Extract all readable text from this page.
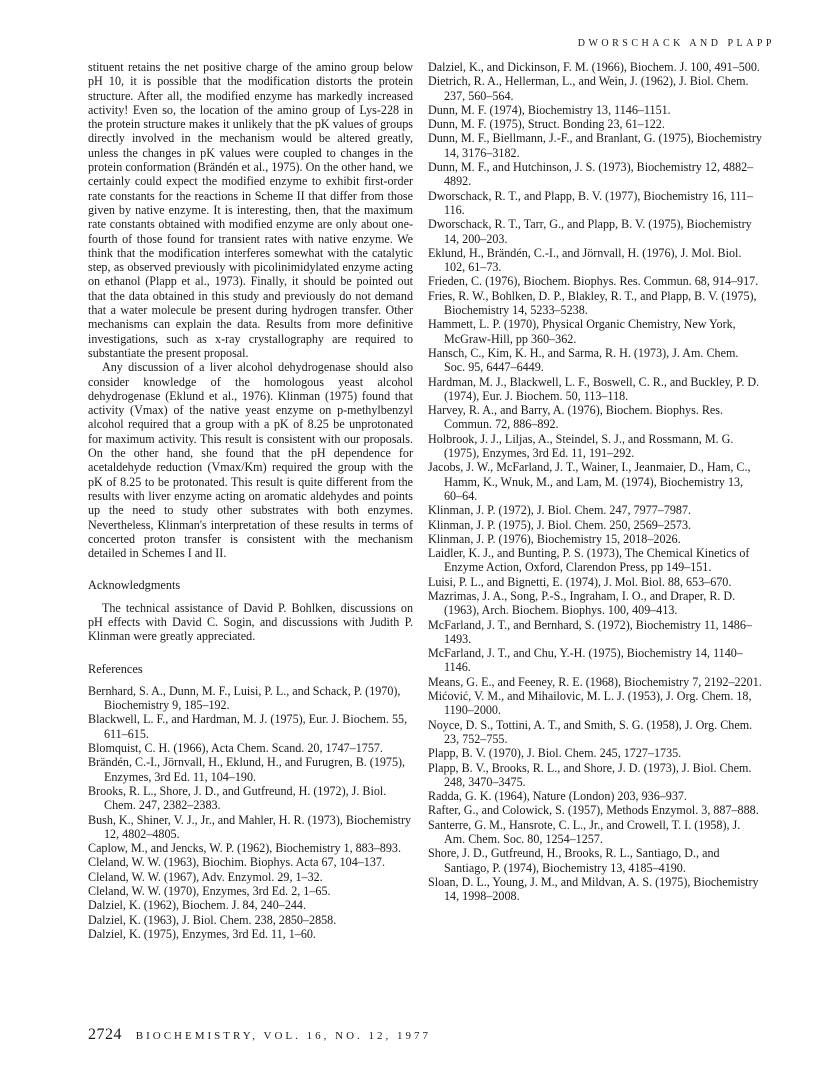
DWORSCHACK AND PLAPP

stituent retains the net positive charge of the amino group below pH 10, it is possible that the modification distorts the protein structure. After all, the modified enzyme has markedly increased activity! Even so, the location of the amino group of Lys-228 in the protein structure makes it unlikely that the pK values of groups directly involved in the mechanism would be altered greatly, unless the changes in pK values were coupled to changes in the protein conformation (Brändén et al., 1975). On the other hand, we certainly could expect the modified enzyme to exhibit first-order rate constants for the reactions in Scheme II that differ from those given by native enzyme. It is interesting, then, that the maximum rate constants obtained with modified enzyme are only about one-fourth of those found for transient rates with native enzyme. We think that the modification interferes somewhat with the catalytic step, as observed previously with picolinimidylated enzyme acting on ethanol (Plapp et al., 1973). Finally, it should be pointed out that the data obtained in this study and previously do not demand that a water molecule be present during hydrogen transfer. Other mechanisms can explain the data. Results from more definitive investigations, such as x-ray crystallography are required to substantiate the present proposal.

Any discussion of a liver alcohol dehydrogenase should also consider knowledge of the homologous yeast alcohol dehydrogenase (Eklund et al., 1976). Klinman (1975) found that activity (Vmax) of the native yeast enzyme on p-methylbenzyl alcohol required that a group with a pK of 8.25 be unprotonated for maximum activity. This result is consistent with our proposals. On the other hand, she found that the pH dependence for acetaldehyde reduction (Vmax/Km) required the group with the pK of 8.25 to be protonated. This result is quite different from the results with liver enzyme acting on aromatic aldehydes and points up the need to study other substrates with both enzymes. Nevertheless, Klinman's interpretation of these results in terms of concerted proton transfer is consistent with the mechanism detailed in Schemes I and II.

Acknowledgments

The technical assistance of David P. Bohlken, discussions on pH effects with David C. Sogin, and discussions with Judith P. Klinman were greatly appreciated.

References

Bernhard, S. A., Dunn, M. F., Luisi, P. L., and Schack, P. (1970), Biochemistry 9, 185–192.

Blackwell, L. F., and Hardman, M. J. (1975), Eur. J. Biochem. 55, 611–615.

Blomquist, C. H. (1966), Acta Chem. Scand. 20, 1747–1757.

Brändén, C.-I., Jörnvall, H., Eklund, H., and Furugren, B. (1975), Enzymes, 3rd Ed. 11, 104–190.

Brooks, R. L., Shore, J. D., and Gutfreund, H. (1972), J. Biol. Chem. 247, 2382–2383.

Bush, K., Shiner, V. J., Jr., and Mahler, H. R. (1973), Biochemistry 12, 4802–4805.

Caplow, M., and Jencks, W. P. (1962), Biochemistry 1, 883–893.

Cleland, W. W. (1963), Biochim. Biophys. Acta 67, 104–137.

Cleland, W. W. (1967), Adv. Enzymol. 29, 1–32.

Cleland, W. W. (1970), Enzymes, 3rd Ed. 2, 1–65.

Dalziel, K. (1962), Biochem. J. 84, 240–244.

Dalziel, K. (1963), J. Biol. Chem. 238, 2850–2858.

Dalziel, K. (1975), Enzymes, 3rd Ed. 11, 1–60.

Dalziel, K., and Dickinson, F. M. (1966), Biochem. J. 100, 491–500.

Dietrich, R. A., Hellerman, L., and Wein, J. (1962), J. Biol. Chem. 237, 560–564.

Dunn, M. F. (1974), Biochemistry 13, 1146–1151.

Dunn, M. F. (1975), Struct. Bonding 23, 61–122.

Dunn, M. F., Biellmann, J.-F., and Branlant, G. (1975), Biochemistry 14, 3176–3182.

Dunn, M. F., and Hutchinson, J. S. (1973), Biochemistry 12, 4882–4892.

Dworschack, R. T., and Plapp, B. V. (1977), Biochemistry 16, 111–116.

Dworschack, R. T., Tarr, G., and Plapp, B. V. (1975), Biochemistry 14, 200–203.

Eklund, H., Brändén, C.-I., and Jörnvall, H. (1976), J. Mol. Biol. 102, 61–73.

Frieden, C. (1976), Biochem. Biophys. Res. Commun. 68, 914–917.

Fries, R. W., Bohlken, D. P., Blakley, R. T., and Plapp, B. V. (1975), Biochemistry 14, 5233–5238.

Hammett, L. P. (1970), Physical Organic Chemistry, New York, McGraw-Hill, pp 360–362.

Hansch, C., Kim, K. H., and Sarma, R. H. (1973), J. Am. Chem. Soc. 95, 6447–6449.

Hardman, M. J., Blackwell, L. F., Boswell, C. R., and Buckley, P. D. (1974), Eur. J. Biochem. 50, 113–118.

Harvey, R. A., and Barry, A. (1976), Biochem. Biophys. Res. Commun. 72, 886–892.

Holbrook, J. J., Liljas, A., Steindel, S. J., and Rossmann, M. G. (1975), Enzymes, 3rd Ed. 11, 191–292.

Jacobs, J. W., McFarland, J. T., Wainer, I., Jeanmaier, D., Ham, C., Hamm, K., Wnuk, M., and Lam, M. (1974), Biochemistry 13, 60–64.

Klinman, J. P. (1972), J. Biol. Chem. 247, 7977–7987.

Klinman, J. P. (1975), J. Biol. Chem. 250, 2569–2573.

Klinman, J. P. (1976), Biochemistry 15, 2018–2026.

Laidler, K. J., and Bunting, P. S. (1973), The Chemical Kinetics of Enzyme Action, Oxford, Clarendon Press, pp 149–151.

Luisi, P. L., and Bignetti, E. (1974), J. Mol. Biol. 88, 653–670.

Mazrimas, J. A., Song, P.-S., Ingraham, I. O., and Draper, R. D. (1963), Arch. Biochem. Biophys. 100, 409–413.

McFarland, J. T., and Bernhard, S. (1972), Biochemistry 11, 1486–1493.

McFarland, J. T., and Chu, Y.-H. (1975), Biochemistry 14, 1140–1146.

Means, G. E., and Feeney, R. E. (1968), Biochemistry 7, 2192–2201.

Mićović, V. M., and Mihailovic, M. L. J. (1953), J. Org. Chem. 18, 1190–2000.

Noyce, D. S., Tottini, A. T., and Smith, S. G. (1958), J. Org. Chem. 23, 752–755.

Plapp, B. V. (1970), J. Biol. Chem. 245, 1727–1735.

Plapp, B. V., Brooks, R. L., and Shore, J. D. (1973), J. Biol. Chem. 248, 3470–3475.

Radda, G. K. (1964), Nature (London) 203, 936–937.

Rafter, G., and Colowick, S. (1957), Methods Enzymol. 3, 887–888.

Santerre, G. M., Hansrote, C. L., Jr., and Crowell, T. I. (1958), J. Am. Chem. Soc. 80, 1254–1257.

Shore, J. D., Gutfreund, H., Brooks, R. L., Santiago, D., and Santiago, P. (1974), Biochemistry 13, 4185–4190.

Sloan, D. L., Young, J. M., and Mildvan, A. S. (1975), Biochemistry 14, 1998–2008.

2724 BIOCHEMISTRY, VOL. 16, NO. 12, 1977
